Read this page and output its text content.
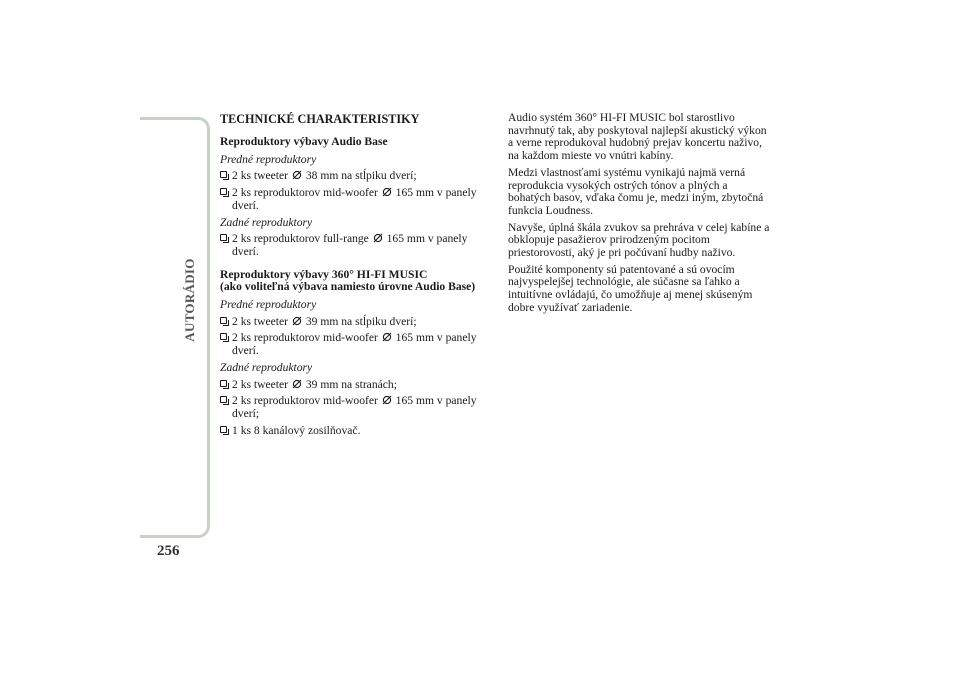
AUTORÁDIO
256
TECHNICKÉ CHARAKTERISTIKY
Reproduktory výbavy Audio Base
Predné reproduktory
2 ks tweeter  38 mm na stĺpiku dverí;
2 ks reproduktorov mid-woofer  165 mm v panely dverí.
Zadné reproduktory
2 ks reproduktorov full-range  165 mm v panely dverí.
Reproduktory výbavy 360° HI-FI MUSIC
(ako voliteľná výbava namiesto úrovne Audio Base)
Predné reproduktory
2 ks tweeter  39 mm na stĺpiku dverí;
2 ks reproduktorov mid-woofer  165 mm v panely dverí.
Zadné reproduktory
2 ks tweeter  39 mm na stranách;
2 ks reproduktorov mid-woofer  165 mm v panely dverí;
1 ks 8 kanálový zosilňovač.
Audio systém 360° HI-FI MUSIC bol starostlivo navrhnutý tak, aby poskytoval najlepší akustický výkon a verne reprodukoval hudobný prejav koncertu naživo, na každom mieste vo vnútri kabíny.
Medzi vlastnosťami systému vynikajú najmä verná reprodukcia vysokých ostrých tónov a plných a bohatých basov, vďaka čomu je, medzi iným, zbytočná funkcia Loudness.
Navyše, úplná škála zvukov sa prehráva v celej kabíne a obklopuje pasažierov prirodzeným pocitom priestorovosti, aký je pri počúvaní hudby naživo.
Použité komponenty sú patentované a sú ovocím najvyspelejšej technológie, ale súčasne sa ľahko a intuitívne ovládajú, čo umožňuje aj menej skúseným dobre využívať zariadenie.
